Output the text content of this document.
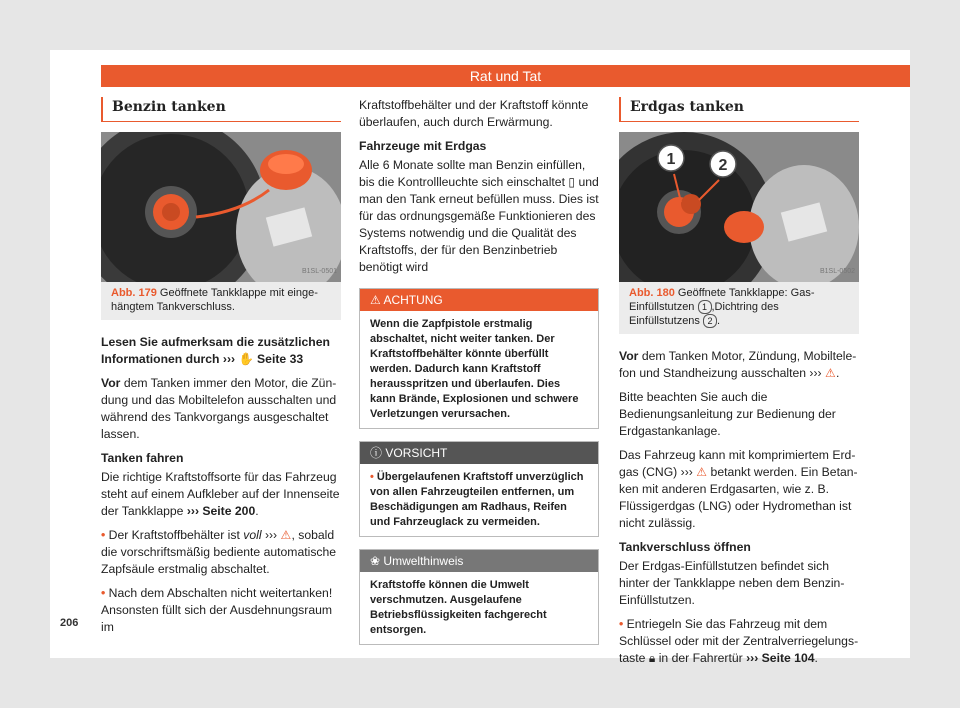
Rat und Tat
Benzin tanken
B1SL-0501
Abb. 179 Geöffnete Tankklappe mit eingehängtem Tankverschluss.

Lesen Sie aufmerksam die zusätzlichen Informationen durch ››› ✋ Seite 33

Vor dem Tanken immer den Motor, die Zündung und das Mobiltelefon ausschalten und während des Tankvorgangs ausgeschaltet lassen.

Tanken fahren

Die richtige Kraftstoffsorte für das Fahrzeug steht auf einem Aufkleber auf der Innenseite der Tankklappe ››› Seite 200.

• Der Kraftstoffbehälter ist voll ››› ⚠, sobald die vorschriftsmäßig bediente automatische Zapfsäule erstmalig abschaltet.

• Nach dem Abschalten nicht weitertanken! Ansonsten füllt sich der Ausdehnungsraum im

Kraftstoffbehälter und der Kraftstoff könnte überlaufen, auch durch Erwärmung.

Fahrzeuge mit Erdgas

Alle 6 Monate sollte man Benzin einfüllen, bis die Kontrollleuchte sich einschaltet ▯ und man den Tank erneut befüllen muss. Dies ist für das ordnungsgemäße Funktionieren des Systems notwendig und die Qualität des Kraftstoffs, der für den Benzinbetrieb benötigt wird

⚠ ACHTUNG
Wenn die Zapfpistole erstmalig abschaltet, nicht weiter tanken. Der Kraftstoffbehälter könnte überfüllt werden. Dadurch kann Kraftstoff herausspritzen und überlaufen. Dies kann Brände, Explosionen und schwere Verletzungen verursachen.
ⓘ VORSICHT
• Übergelaufenen Kraftstoff unverzüglich von allen Fahrzeugteilen entfernen, um Beschädigungen am Radhaus, Reifen und Fahrzeuglack zu vermeiden.
❀ Umwelthinweis
Kraftstoffe können die Umwelt verschmutzen. Ausgelaufene Betriebsflüssigkeiten fachgerecht entsorgen.
Erdgas tanken
1	2
B1SL-0502
Abb. 180 Geöffnete Tankklappe: Gas-Einfüllstutzen 1 ,Dichtring des Einfüllstutzens 2 .

Vor dem Tanken Motor, Zündung, Mobiltelefon und Standheizung ausschalten ››› ⚠.

Bitte beachten Sie auch die Bedienungsanleitung zur Bedienung der Erdgastankanlage.

Das Fahrzeug kann mit komprimiertem Erdgas (CNG) ››› ⚠ betankt werden. Ein Betanken mit anderen Erdgasarten, wie z. B. Flüssigerdgas (LNG) oder Hydromethan ist nicht zulässig.

Tankverschluss öffnen

Der Erdgas-Einfüllstutzen befindet sich hinter der Tankklappe neben dem Benzin-Einfüllstutzen.

• Entriegeln Sie das Fahrzeug mit dem Schlüssel oder mit der Zentralverriegelungstaste 🔒︎ in der Fahrertür ››› Seite 104.

206
